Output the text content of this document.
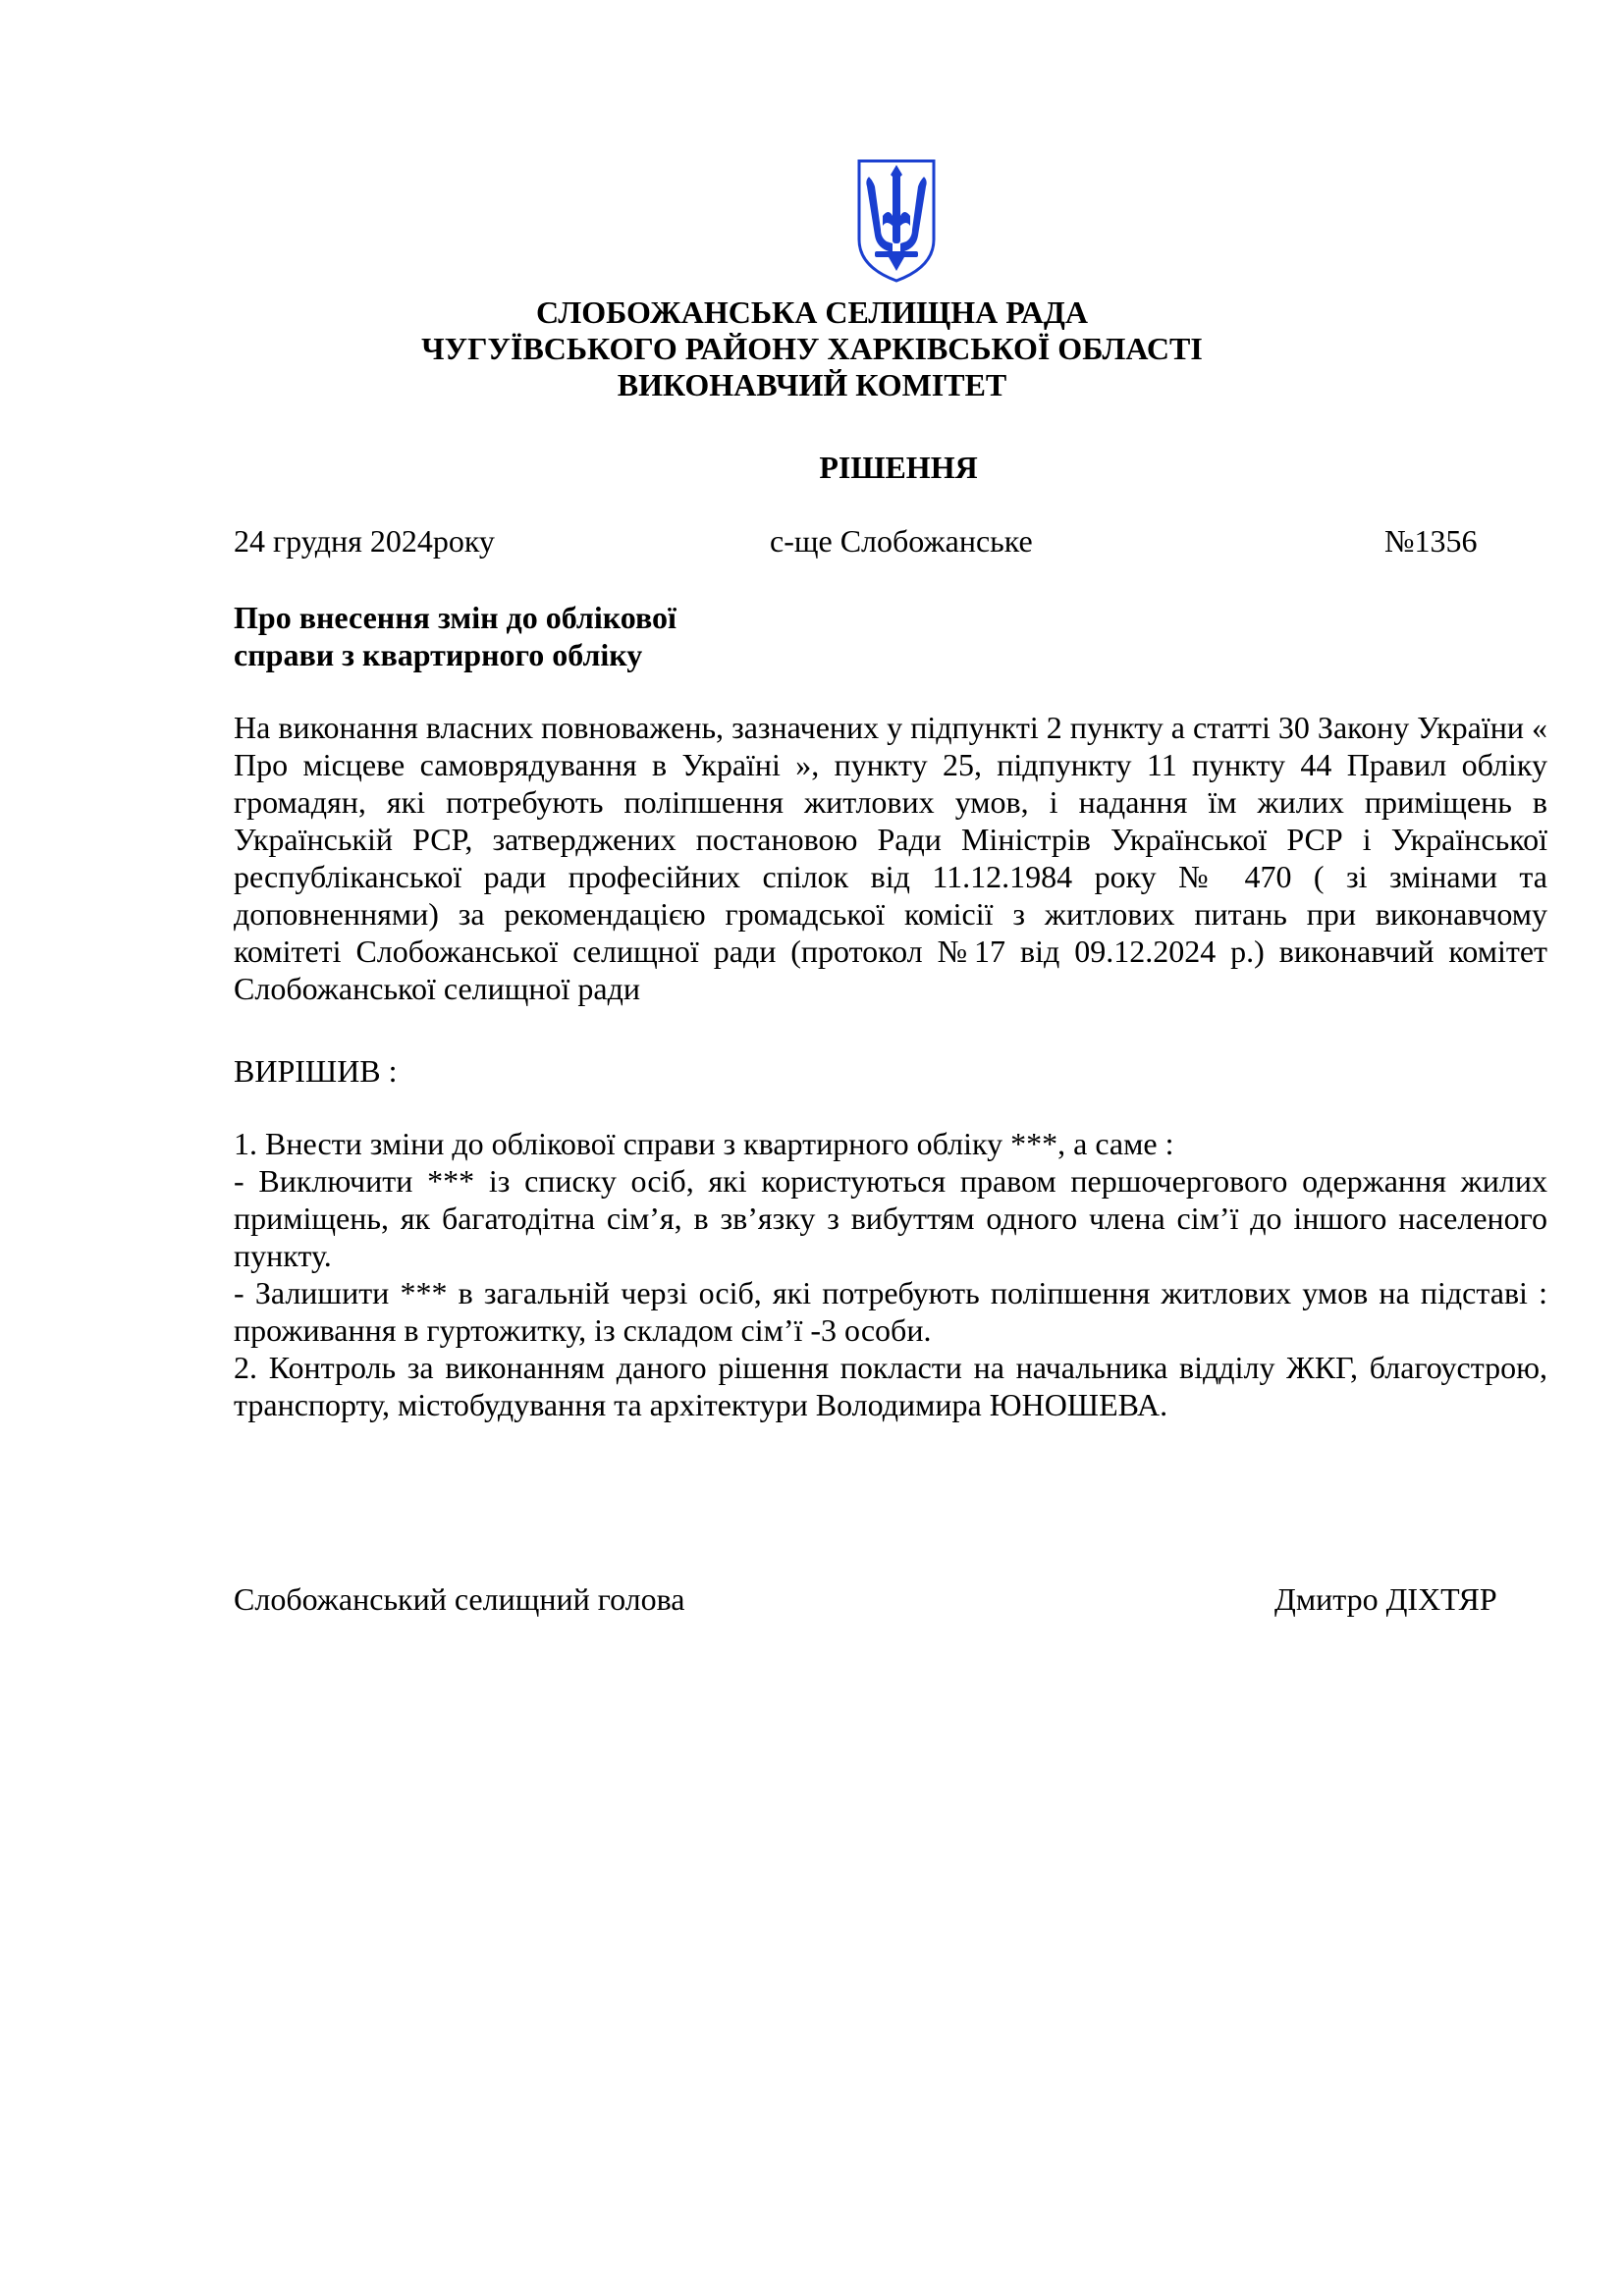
СЛОБОЖАНСЬКА СЕЛИЩНА РАДА
ЧУГУЇВСЬКОГО РАЙОНУ ХАРКІВСЬКОЇ ОБЛАСТІ
ВИКОНАВЧИЙ КОМІТЕТ
РІШЕННЯ
24 грудня 2024року	с-ще Слобожанське	№1356
Про внесення змін до облікової
справи з квартирного обліку
На виконання власних повноважень, зазначених у підпункті 2 пункту а статті 30 Закону України « Про місцеве самоврядування в Україні », пункту 25, підпункту 11 пункту 44 Правил обліку громадян, які потребують поліпшення житлових умов, і надання їм жилих приміщень в Українській РСР, затверджених постановою Ради Міністрів Української РСР і Української республіканської ради професійних спілок від 11.12.1984 року № 470 ( зі змінами та доповненнями) за рекомендацією громадської комісії з житлових питань при виконавчому комітеті Слобожанської селищної ради (протокол №17 від 09.12.2024 р.) виконавчий комітет Слобожанської селищної ради
ВИРІШИВ :

1. Внести зміни до облікової справи з квартирного обліку ***, а саме :

- Виключити *** із списку осіб, які користуються правом першочергового одержання жилих приміщень, як багатодітна сім’я, в зв’язку з вибуттям одного члена сім’ї до іншого населеного пункту.

- Залишити *** в загальній черзі осіб, які потребують поліпшення житлових умов на підставі : проживання в гуртожитку, із складом сім’ї -3 особи.

2. Контроль за виконанням даного рішення покласти на начальника відділу ЖКГ, благоустрою, транспорту, містобудування та архітектури Володимира ЮНОШЕВА.

Слобожанський селищний голова	Дмитро ДІХТЯР
